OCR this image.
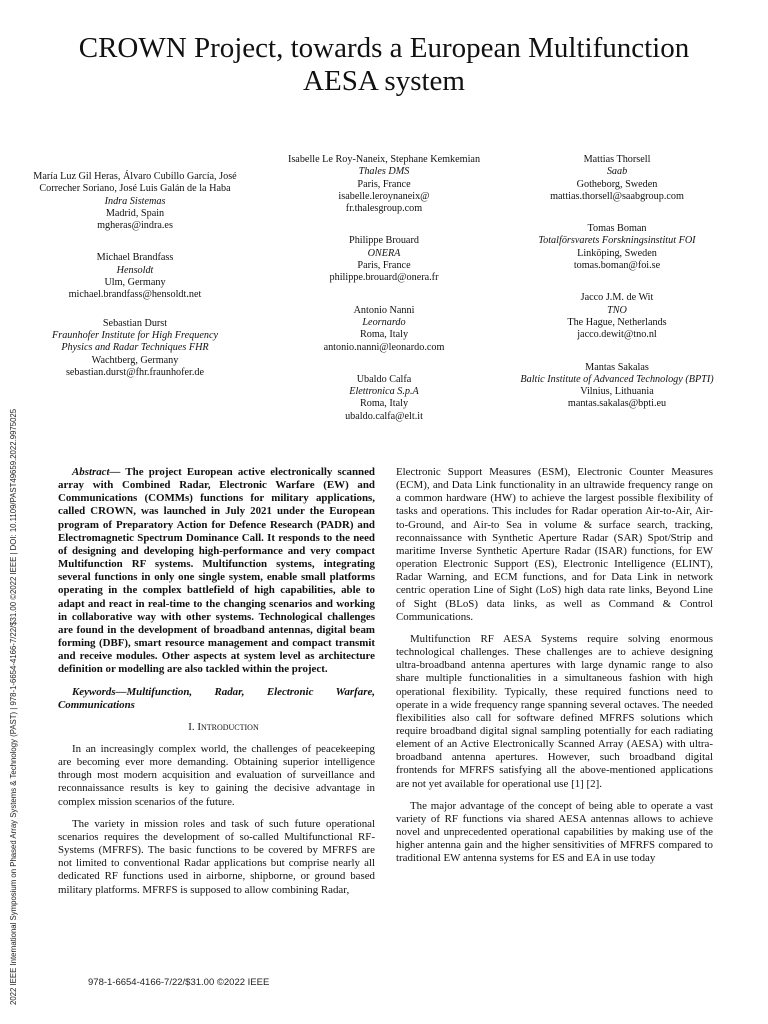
CROWN Project, towards a European Multifunction AESA system
2022 IEEE International Symposium on Phased Array Systems & Technology (PAST) | 978-1-6654-4166-7/22/$31.00 ©2022 IEEE | DOI: 10.1109/PAST49659.2022.9975025
María Luz Gil Heras, Álvaro Cubillo García, José Correcher Soriano, José Luis Galán de la Haba
Indra Sistemas
Madrid, Spain
mgheras@indra.es
Michael Brandfass
Hensoldt
Ulm, Germany
michael.brandfass@hensoldt.net
Sebastian Durst
Fraunhofer Institute for High Frequency Physics and Radar Techniques FHR
Wachtberg, Germany
sebastian.durst@fhr.fraunhofer.de
Isabelle Le Roy-Naneix, Stephane Kemkemian
Thales DMS
Paris, France
isabelle.leroynaneix@ fr.thalesgroup.com
Philippe Brouard
ONERA
Paris, France
philippe.brouard@onera.fr
Antonio Nanni
Leornardo
Roma, Italy
antonio.nanni@leonardo.com
Ubaldo Calfa
Elettronica S.p.A
Roma, Italy
ubaldo.calfa@elt.it
Mattias Thorsell
Saab
Gotheborg, Sweden
mattias.thorsell@saabgroup.com
Tomas Boman
Totalförsvarets Forskningsinstitut FOI
Linköping, Sweden
tomas.boman@foi.se
Jacco J.M. de Wit
TNO
The Hague, Netherlands
jacco.dewit@tno.nl
Mantas Sakalas
Baltic Institute of Advanced Technology (BPTI)
Vilnius, Lithuania
mantas.sakalas@bpti.eu

Abstract— The project European active electronically scanned array with Combined Radar, Electronic Warfare (EW) and Communications (COMMs) functions for military applications, called CROWN, was launched in July 2021 under the European program of Preparatory Action for Defence Research (PADR) and Electromagnetic Spectrum Dominance Call. It responds to the need of designing and developing high-performance and very compact Multifunction RF systems. Multifunction systems, integrating several functions in only one single system, enable small platforms operating in the complex battlefield of high capabilities, able to adapt and react in real-time to the changing scenarios and working in collaborative way with other systems. Technological challenges are found in the development of broadband antennas, digital beam forming (DBF), smart resource management and compact transmit and receive modules. Other aspects at system level as architecture definition or modelling are also tackled within the project.

Keywords—Multifunction, Radar, Electronic Warfare, Communications

I. Introduction

In an increasingly complex world, the challenges of peacekeeping are becoming ever more demanding. Obtaining superior intelligence through most modern acquisition and evaluation of surveillance and reconnaissance results is key to gaining the decisive advantage in complex mission scenarios of the future.

The variety in mission roles and task of such future operational scenarios requires the development of so-called Multifunctional RF-Systems (MFRFS). The basic functions to be covered by MFRFS are not limited to conventional Radar applications but comprise nearly all dedicated RF functions used in airborne, shipborne, or ground based military platforms. MFRFS is supposed to allow combining Radar,

Electronic Support Measures (ESM), Electronic Counter Measures (ECM), and Data Link functionality in an ultrawide frequency range on a common hardware (HW) to achieve the largest possible flexibility of tasks and operations. This includes for Radar operation Air-to-Air, Air-to-Ground, and Air-to Sea in volume & surface search, tracking, reconnaissance with Synthetic Aperture Radar (SAR) Spot/Strip and maritime Inverse Synthetic Aperture Radar (ISAR) functions, for EW operation Electronic Support (ES), Electronic Intelligence (ELINT), Radar Warning, and ECM functions, and for Data Link in network centric operation Line of Sight (LoS) high data rate links, Beyond Line of Sight (BLoS) data links, as well as Command & Control Communications.

Multifunction RF AESA Systems require solving enormous technological challenges. These challenges are to achieve designing ultra-broadband antenna apertures with large dynamic range to also share multiple functionalities in a simultaneous fashion with high operational flexibility. Typically, these required functions need to operate in a wide frequency range spanning several octaves. The needed flexibilities also call for software defined MFRFS solutions which require broadband digital signal sampling potentially for each radiating element of an Active Electronically Scanned Array (AESA) with ultra-broadband antenna apertures. However, such broadband digital frontends for MFRFS satisfying all the above-mentioned applications are not yet available for operational use [1] [2].

The major advantage of the concept of being able to operate a vast variety of RF functions via shared AESA antennas allows to achieve novel and unprecedented operational capabilities by making use of the higher antenna gain and the higher sensitivities of MFRFS compared to traditional EW antenna systems for ES and EA in use today

978-1-6654-4166-7/22/$31.00 ©2022 IEEE
